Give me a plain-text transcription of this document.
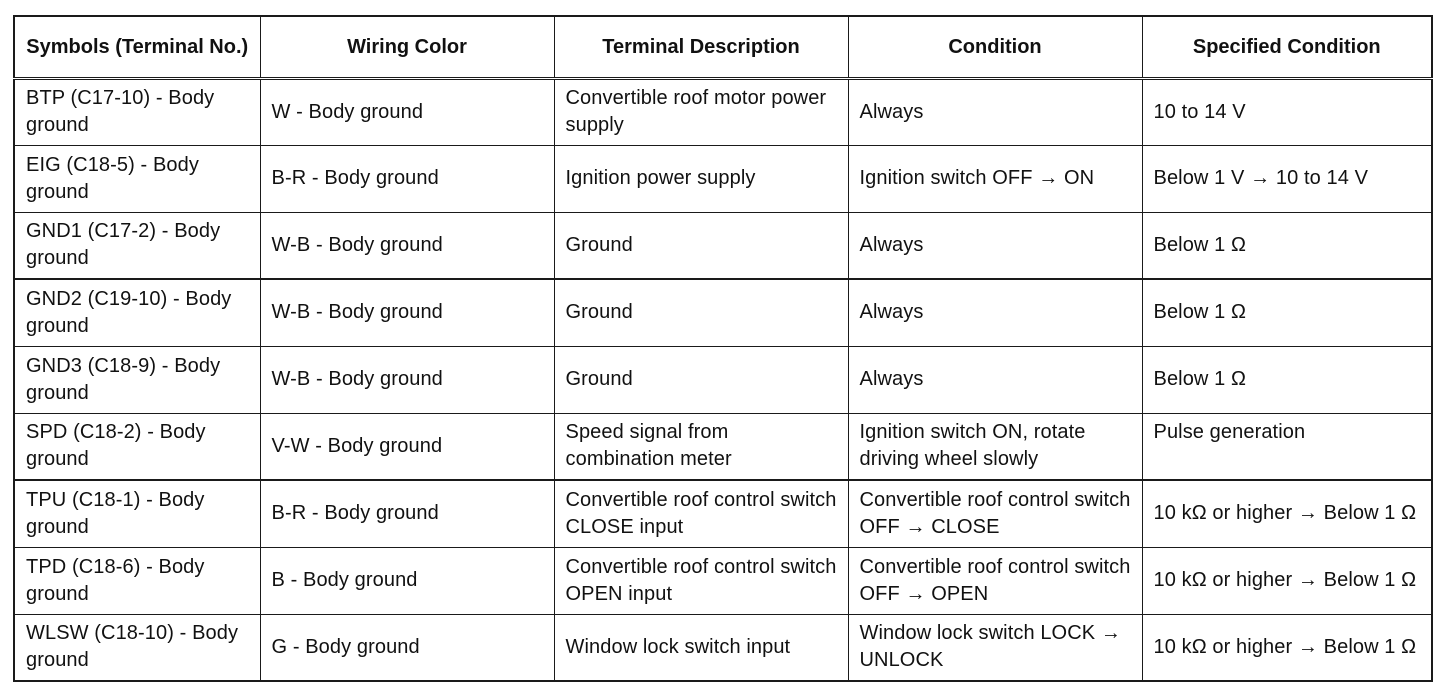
Symbols (Terminal No.)	Wiring Color	Terminal Description	Condition	Specified Condition
BTP (C17-10) - Body ground	W - Body ground	Convertible roof motor power supply	Always	10 to 14 V
EIG (C18-5) - Body ground	B-R - Body ground	Ignition power supply	Ignition switch OFF → ON	Below 1 V → 10 to 14 V
GND1 (C17-2) - Body ground	W-B - Body ground	Ground	Always	Below 1 Ω
GND2 (C19-10) - Body ground	W-B - Body ground	Ground	Always	Below 1 Ω
GND3 (C18-9) - Body ground	W-B - Body ground	Ground	Always	Below 1 Ω
SPD (C18-2) - Body ground	V-W - Body ground	Speed signal from combination meter	Ignition switch ON, rotate driving wheel slowly	Pulse generation
TPU (C18-1) - Body ground	B-R - Body ground	Convertible roof control switch CLOSE input	Convertible roof control switch OFF → CLOSE	10 kΩ or higher → Below 1 Ω
TPD (C18-6) - Body ground	B - Body ground	Convertible roof control switch OPEN input	Convertible roof control switch OFF → OPEN	10 kΩ or higher → Below 1 Ω
WLSW (C18-10) - Body ground	G - Body ground	Window lock switch input	Window lock switch LOCK → UNLOCK	10 kΩ or higher → Below 1 Ω
